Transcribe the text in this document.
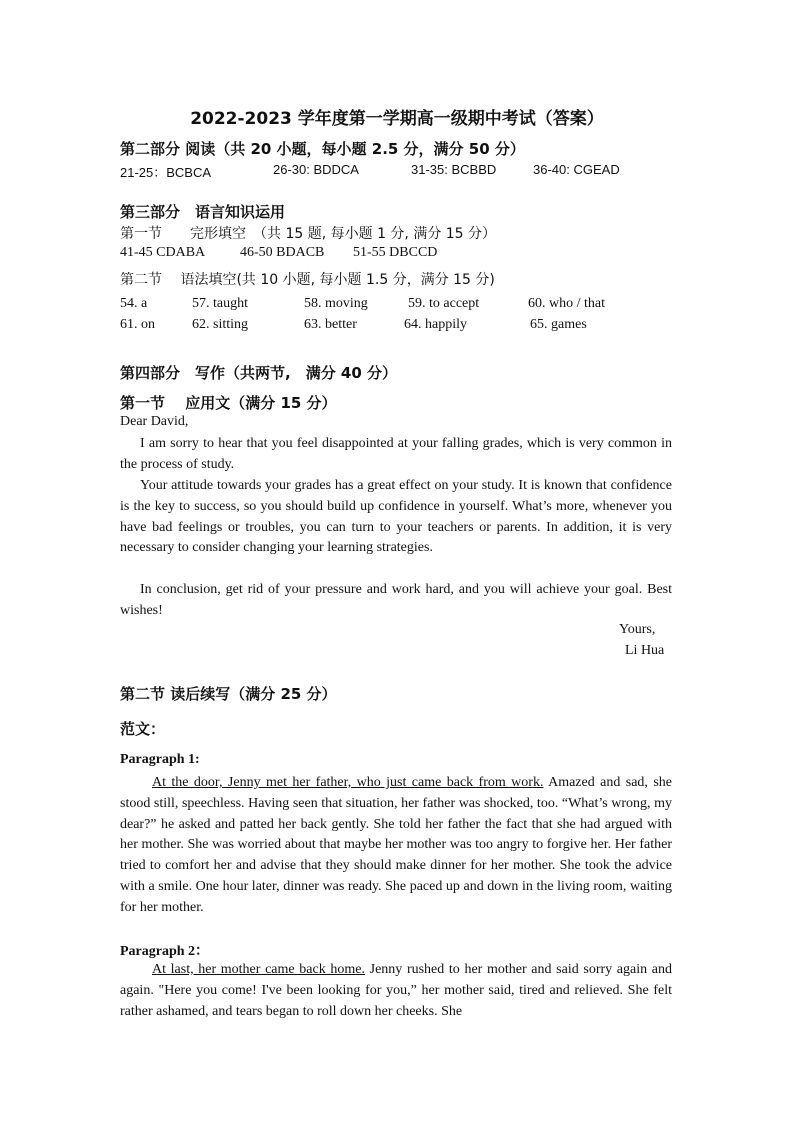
2022-2023 学年度第一学期高一级期中考试（答案）
第二部分 阅读（共 20 小题，每小题 2.5 分，满分 50 分）
21-25：BCBCA	26-30: BDDCA	31-35: BCBBD	36-40: CGEAD
第三部分　语言知识运用
第一节　　完形填空　（共 15 题, 每小题 1 分, 满分 15 分）
41-45 CDABA 46-50 BDACB 51-55 DBCCD
第二节　 语法填空(共 10 小题, 每小题 1.5 分，满分 15 分)
54. a	57. taught	58. moving	59. to accept	60. who / that
61. on	62. sitting	63. better	64. happily	65. games
第四部分　写作（共两节,　满分 40 分）
第一节　 应用文（满分 15 分）
Dear David,

I am sorry to hear that you feel disappointed at your falling grades, which is very common in the process of study.

Your attitude towards your grades has a great effect on your study. It is known that confidence is the key to success, so you should build up confidence in yourself. What’s more, whenever you have bad feelings or troubles, you can turn to your teachers or parents. In addition, it is very necessary to consider changing your learning strategies.

In conclusion, get rid of your pressure and work hard, and you will achieve your goal. Best wishes!

Yours,
Li Hua
第二节 读后续写（满分 25 分）
范文：
Paragraph 1:

At the door, Jenny met her father, who just came back from work. Amazed and sad, she stood still, speechless. Having seen that situation, her father was shocked, too. “What’s wrong, my dear?” he asked and patted her back gently. She told her father the fact that she had argued with her mother. She was worried about that maybe her mother was too angry to forgive her. Her father tried to comfort her and advise that they should make dinner for her mother. She took the advice with a smile. One hour later, dinner was ready. She paced up and down in the living room, waiting for her mother.

Paragraph 2：

At last, her mother came back home. Jenny rushed to her mother and said sorry again and again. "Here you come! I've been looking for you,” her mother said, tired and relieved. She felt rather ashamed, and tears began to roll down her cheeks. She
